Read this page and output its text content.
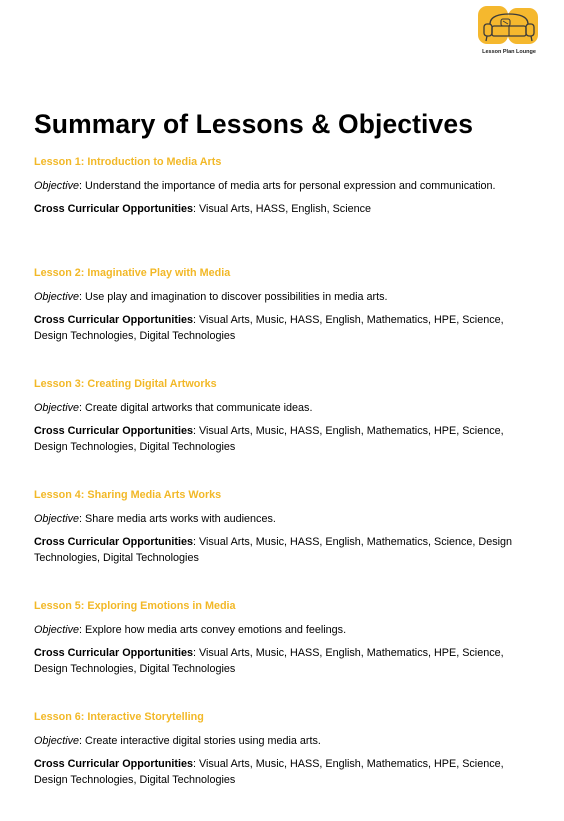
Lesson Plan Lounge
Summary of Lessons & Objectives
Lesson 1: Introduction to Media Arts
Objective: Understand the importance of media arts for personal expression and communication.
Cross Curricular Opportunities: Visual Arts, HASS, English, Science
Lesson 2: Imaginative Play with Media
Objective: Use play and imagination to discover possibilities in media arts.
Cross Curricular Opportunities: Visual Arts, Music, HASS, English, Mathematics, HPE, Science, Design Technologies, Digital Technologies
Lesson 3: Creating Digital Artworks
Objective: Create digital artworks that communicate ideas.
Cross Curricular Opportunities: Visual Arts, Music, HASS, English, Mathematics, HPE, Science, Design Technologies, Digital Technologies
Lesson 4: Sharing Media Arts Works
Objective: Share media arts works with audiences.
Cross Curricular Opportunities: Visual Arts, Music, HASS, English, Mathematics, Science, Design Technologies, Digital Technologies
Lesson 5: Exploring Emotions in Media
Objective: Explore how media arts convey emotions and feelings.
Cross Curricular Opportunities: Visual Arts, Music, HASS, English, Mathematics, HPE, Science, Design Technologies, Digital Technologies
Lesson 6: Interactive Storytelling
Objective: Create interactive digital stories using media arts.
Cross Curricular Opportunities: Visual Arts, Music, HASS, English, Mathematics, HPE, Science, Design Technologies, Digital Technologies
